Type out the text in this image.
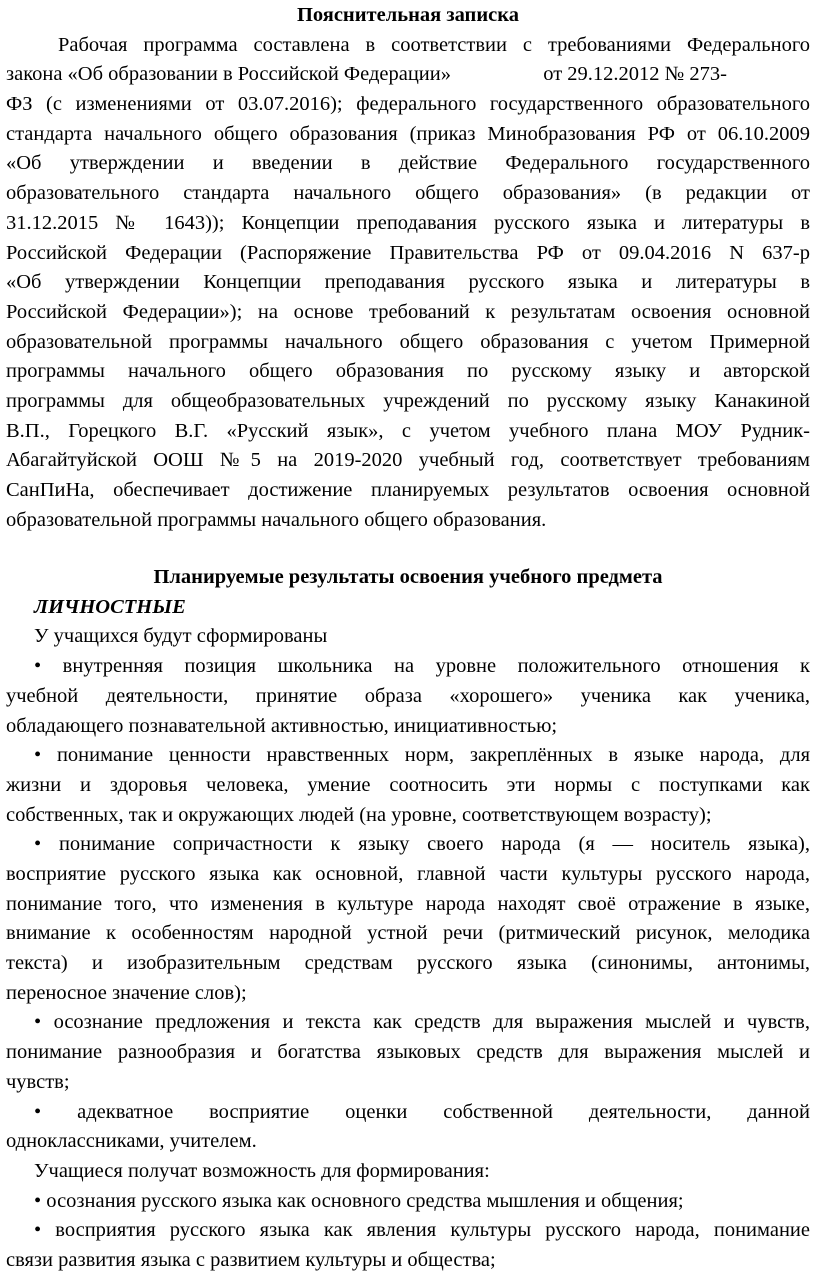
Пояснительная записка
Рабочая программа составлена в соответствии с требованиями Федерального
закона «Об образовании в Российской Федерации»                  от 29.12.2012 № 273-
ФЗ (с изменениями от 03.07.2016); федерального государственного образовательного
стандарта начального общего образования (приказ Минобразования РФ от 06.10.2009
«Об утверждении и введении в действие Федерального государственного
образовательного стандарта начального общего образования» (в редакции от
31.12.2015 № 1643)); Концепции преподавания русского языка и литературы в
Российской Федерации (Распоряжение Правительства РФ от 09.04.2016 N 637-р
«Об утверждении Концепции преподавания русского языка и литературы в
Российской Федерации»); на основе требований к результатам освоения основной
образовательной программы начального общего образования с учетом Примерной
программы начального общего образования по русскому языку и авторской
программы для общеобразовательных учреждений по русскому языку Канакиной
В.П., Горецкого В.Г. «Русский язык», с учетом учебного плана МОУ Рудник-
Абагайтуйской ООШ №5 на 2019-2020 учебный год, соответствует требованиям
СанПиНа, обеспечивает достижение планируемых результатов освоения основной
образовательной программы начального общего образования.
Планируемые результаты освоения учебного предмета
ЛИЧНОСТНЫЕ
У учащихся будут сформированы
• внутренняя позиция школьника на уровне положительного отношения к
учебной деятельности, принятие образа «хорошего» ученика как ученика,
обладающего познавательной активностью, инициативностью;
• понимание ценности нравственных норм, закреплённых в языке народа, для
жизни и здоровья человека, умение соотносить эти нормы с поступками как
собственных, так и окружающих людей (на уровне, соответствующем возрасту);
• понимание сопричастности к языку своего народа (я — носитель языка),
восприятие русского языка как основной, главной части культуры русского народа,
понимание того, что изменения в культуре народа находят своё отражение в языке,
внимание к особенностям народной устной речи (ритмический рисунок, мелодика
текста) и изобразительным средствам русского языка (синонимы, антонимы,
переносное значение слов);
• осознание предложения и текста как средств для выражения мыслей и чувств,
понимание разнообразия и богатства языковых средств для выражения мыслей и
чувств;
• адекватное восприятие оценки собственной деятельности, данной
одноклассниками, учителем.
Учащиеся получат возможность для формирования:
• осознания русского языка как основного средства мышления и общения;
• восприятия русского языка как явления культуры русского народа, понимание
связи развития языка с развитием культуры и общества;
